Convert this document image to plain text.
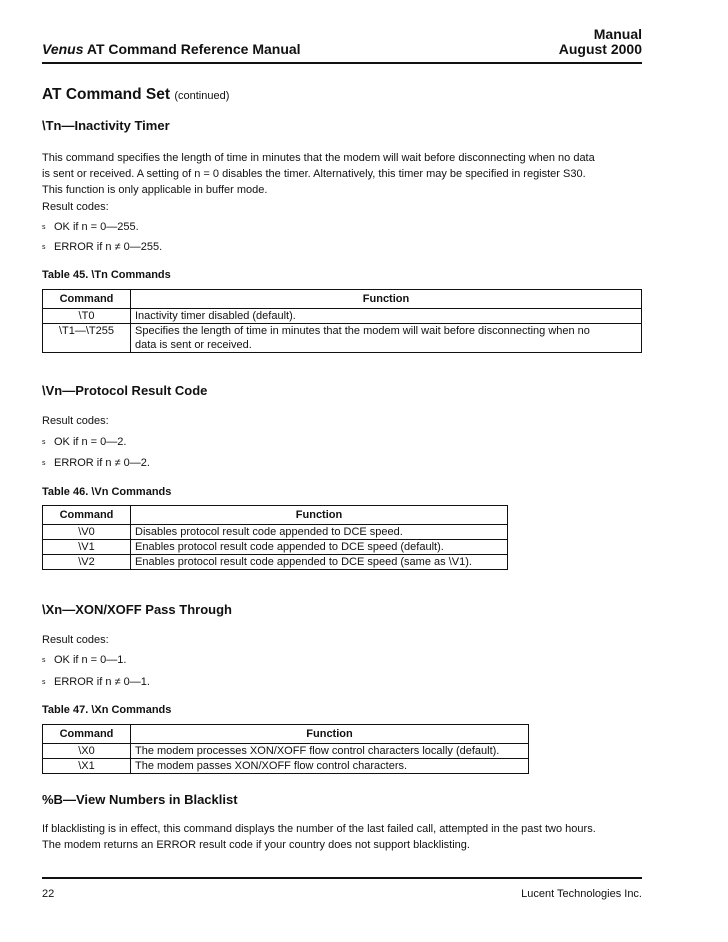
Venus AT Command Reference Manual
Manual
August 2000
AT Command Set (continued)
\Tn—Inactivity Timer
This command specifies the length of time in minutes that the modem will wait before disconnecting when no data
is sent or received. A setting of n = 0 disables the timer. Alternatively, this timer may be specified in register S30.
This function is only applicable in buffer mode.
Result codes:
s OK if n = 0—255.
s ERROR if n ≠ 0—255.
Table 45. \Tn Commands
Command	Function
\T0	Inactivity timer disabled (default).

\T1—\T255	Specifies the length of time in minutes that the modem will wait before disconnecting when no
data is sent or received.
\Vn—Protocol Result Code
Result codes:
s OK if n = 0—2.
s ERROR if n ≠ 0—2.
Table 46. \Vn Commands
Command	Function
\V0	Disables protocol result code appended to DCE speed.
\V1	Enables protocol result code appended to DCE speed (default).
\V2	Enables protocol result code appended to DCE speed (same as \V1).
\Xn—XON/XOFF Pass Through
Result codes:
s OK if n = 0—1.
s ERROR if n ≠ 0—1.
Table 47. \Xn Commands
Command	Function
\X0	The modem processes XON/XOFF flow control characters locally (default).
\X1	The modem passes XON/XOFF flow control characters.
%B—View Numbers in Blacklist
If blacklisting is in effect, this command displays the number of the last failed call, attempted in the past two hours.
The modem returns an ERROR result code if your country does not support blacklisting.
22	Lucent Technologies Inc.
